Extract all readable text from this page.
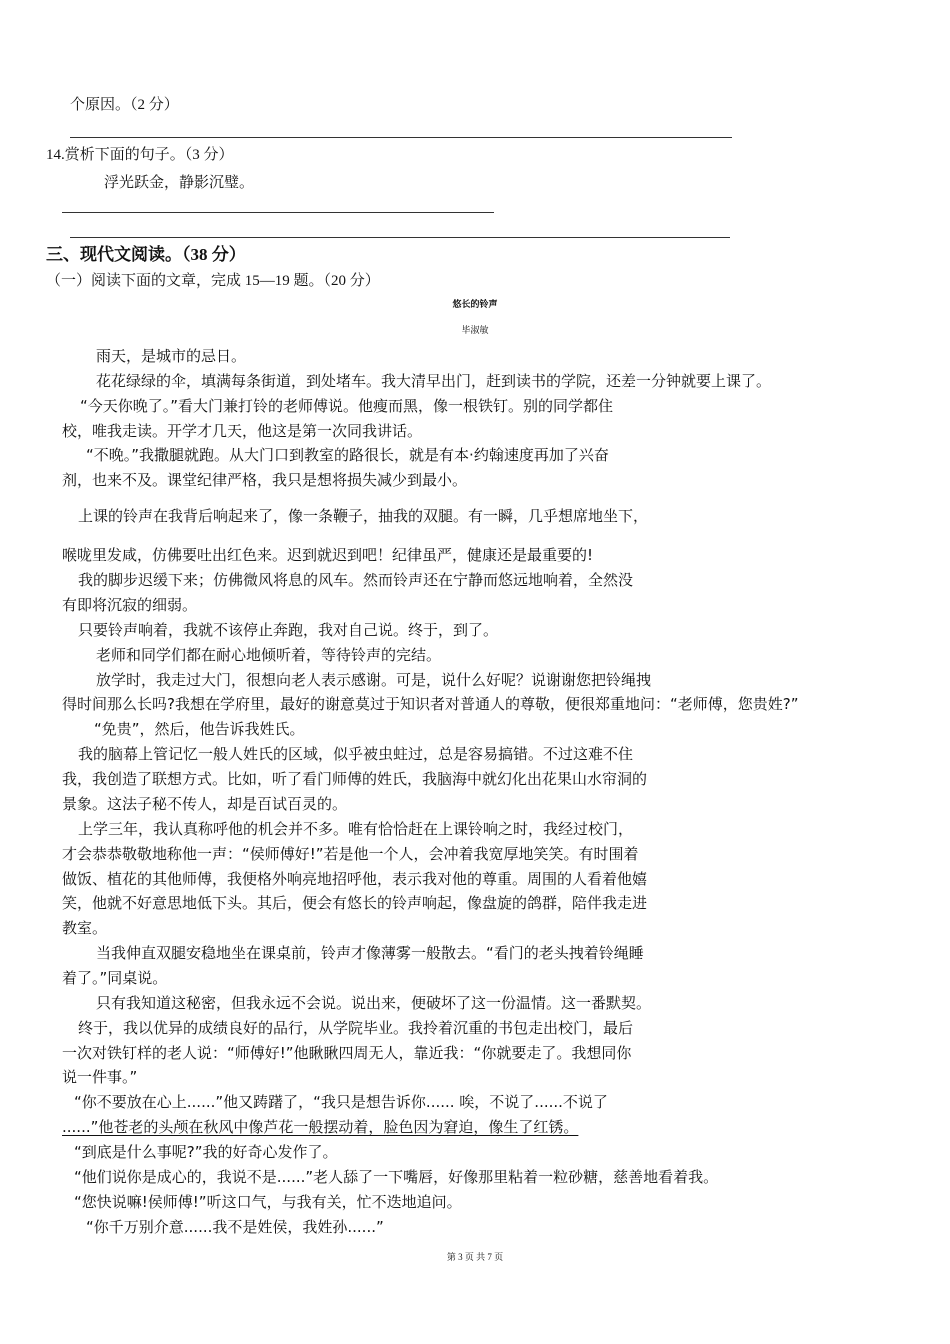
个原因。（2 分）
14.赏析下面的句子。（3 分）
浮光跃金，静影沉璧。
三、现代文阅读。（38 分）
（一）阅读下面的文章，完成 15—19 题。（20 分）
悠长的铃声
毕淑敏
雨天，是城市的忌日。
花花绿绿的伞，填满每条街道，到处堵车。我大清早出门，赶到读书的学院，还差一分钟就要上课了。
“今天你晚了。”看大门兼打铃的老师傅说。他瘦而黑，像一根铁钉。别的同学都住
校，唯我走读。开学才几天，他这是第一次同我讲话。
“不晚。”我撒腿就跑。从大门口到教室的路很长，就是有本·约翰速度再加了兴奋
剂，也来不及。课堂纪律严格，我只是想将损失减少到最小。
上课的铃声在我背后响起来了，像一条鞭子，抽我的双腿。有一瞬，几乎想席地坐下，
喉咙里发咸，仿佛要吐出红色来。迟到就迟到吧！纪律虽严，健康还是最重要的!
我的脚步迟缓下来；仿佛微风将息的风车。然而铃声还在宁静而悠远地响着，全然没
有即将沉寂的细弱。
只要铃声响着，我就不该停止奔跑，我对自己说。终于，到了。
老师和同学们都在耐心地倾听着，等待铃声的完结。
放学时，我走过大门，很想向老人表示感谢。可是，说什么好呢？说谢谢您把铃绳拽
得时间那么长吗?我想在学府里，最好的谢意莫过于知识者对普通人的尊敬，便很郑重地问：“老师傅，您贵姓?”
“免贵”，然后，他告诉我姓氏。
我的脑幕上管记忆一般人姓氏的区域，似乎被虫蛀过，总是容易搞错。不过这难不住
我，我创造了联想方式。比如，听了看门师傅的姓氏，我脑海中就幻化出花果山水帘洞的
景象。这法子秘不传人，却是百试百灵的。
上学三年，我认真称呼他的机会并不多。唯有恰恰赶在上课铃响之时，我经过校门，
才会恭恭敬敬地称他一声：“侯师傅好!”若是他一个人，会冲着我宽厚地笑笑。有时围着
做饭、植花的其他师傅，我便格外响亮地招呼他，表示我对他的尊重。周围的人看着他嬉
笑，他就不好意思地低下头。其后，便会有悠长的铃声响起，像盘旋的鸽群，陪伴我走进
教室。
当我伸直双腿安稳地坐在课桌前，铃声才像薄雾一般散去。“看门的老头拽着铃绳睡
着了。”同桌说。
只有我知道这秘密，但我永远不会说。说出来，便破坏了这一份温情。这一番默契。
终于，我以优异的成绩良好的品行，从学院毕业。我拎着沉重的书包走出校门，最后
一次对铁钉样的老人说：“师傅好!”他瞅瞅四周无人，靠近我：“你就要走了。我想同你
说一件事。”
“你不要放在心上......”他又踌躇了，“我只是想告诉你...... 唉，不说了......不说了
......”他苍老的头颅在秋风中像芦花一般摆动着，脸色因为窘迫，像生了红锈。
“到底是什么事呢?”我的好奇心发作了。
“他们说你是成心的，我说不是......”老人舔了一下嘴唇，好像那里粘着一粒砂糖，慈善地看着我。
“您快说嘛!侯师傅!”听这口气，与我有关，忙不迭地追问。
“你千万别介意......我不是姓侯，我姓孙......”
第 3 页 共 7 页
